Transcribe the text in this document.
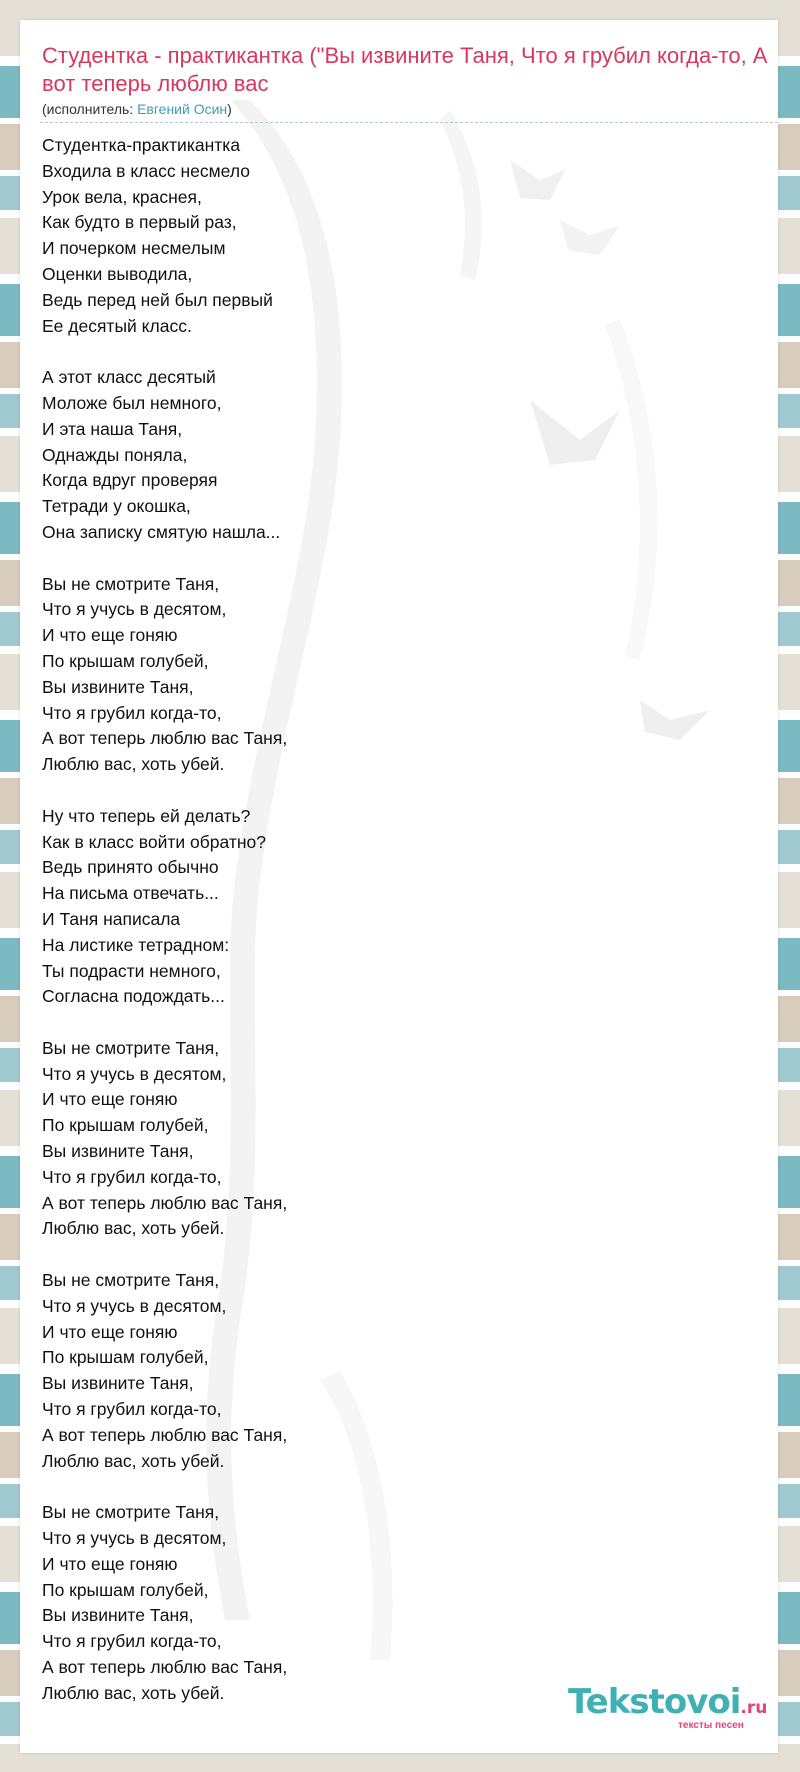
Студентка - практикантка ("Вы извините Таня, Что я грубил когда-то, А вот теперь люблю вас
(исполнитель: Евгений Осин)
Студентка-практикантка
Входила в класс несмело
Урок вела, краснея,
Как будто в первый раз,
И почерком несмелым
Оценки выводила,
Ведь перед ней был первый
Ее десятый класс.
А этот класс десятый
Моложе был немного,
И эта наша Таня,
Однажды поняла,
Когда вдруг проверяя
Тетради у окошка,
Она записку смятую нашла...
Вы не смотрите Таня,
Что я учусь в десятом,
И что еще гоняю
По крышам голубей,
Вы извините Таня,
Что я грубил когда-то,
А вот теперь люблю вас Таня,
Люблю вас, хоть убей.
Ну что теперь ей делать?
Как в класс войти обратно?
Ведь принято обычно
На письма отвечать...
И Таня написала
На листике тетрадном:
Ты подрасти немного,
Согласна подождать...
Вы не смотрите Таня,
Что я учусь в десятом,
И что еще гоняю
По крышам голубей,
Вы извините Таня,
Что я грубил когда-то,
А вот теперь люблю вас Таня,
Люблю вас, хоть убей.
Вы не смотрите Таня,
Что я учусь в десятом,
И что еще гоняю
По крышам голубей,
Вы извините Таня,
Что я грубил когда-то,
А вот теперь люблю вас Таня,
Люблю вас, хоть убей.
Вы не смотрите Таня,
Что я учусь в десятом,
И что еще гоняю
По крышам голубей,
Вы извините Таня,
Что я грубил когда-то,
А вот теперь люблю вас Таня,
Люблю вас, хоть убей.	Tekstovoi.ru
тексты песен
